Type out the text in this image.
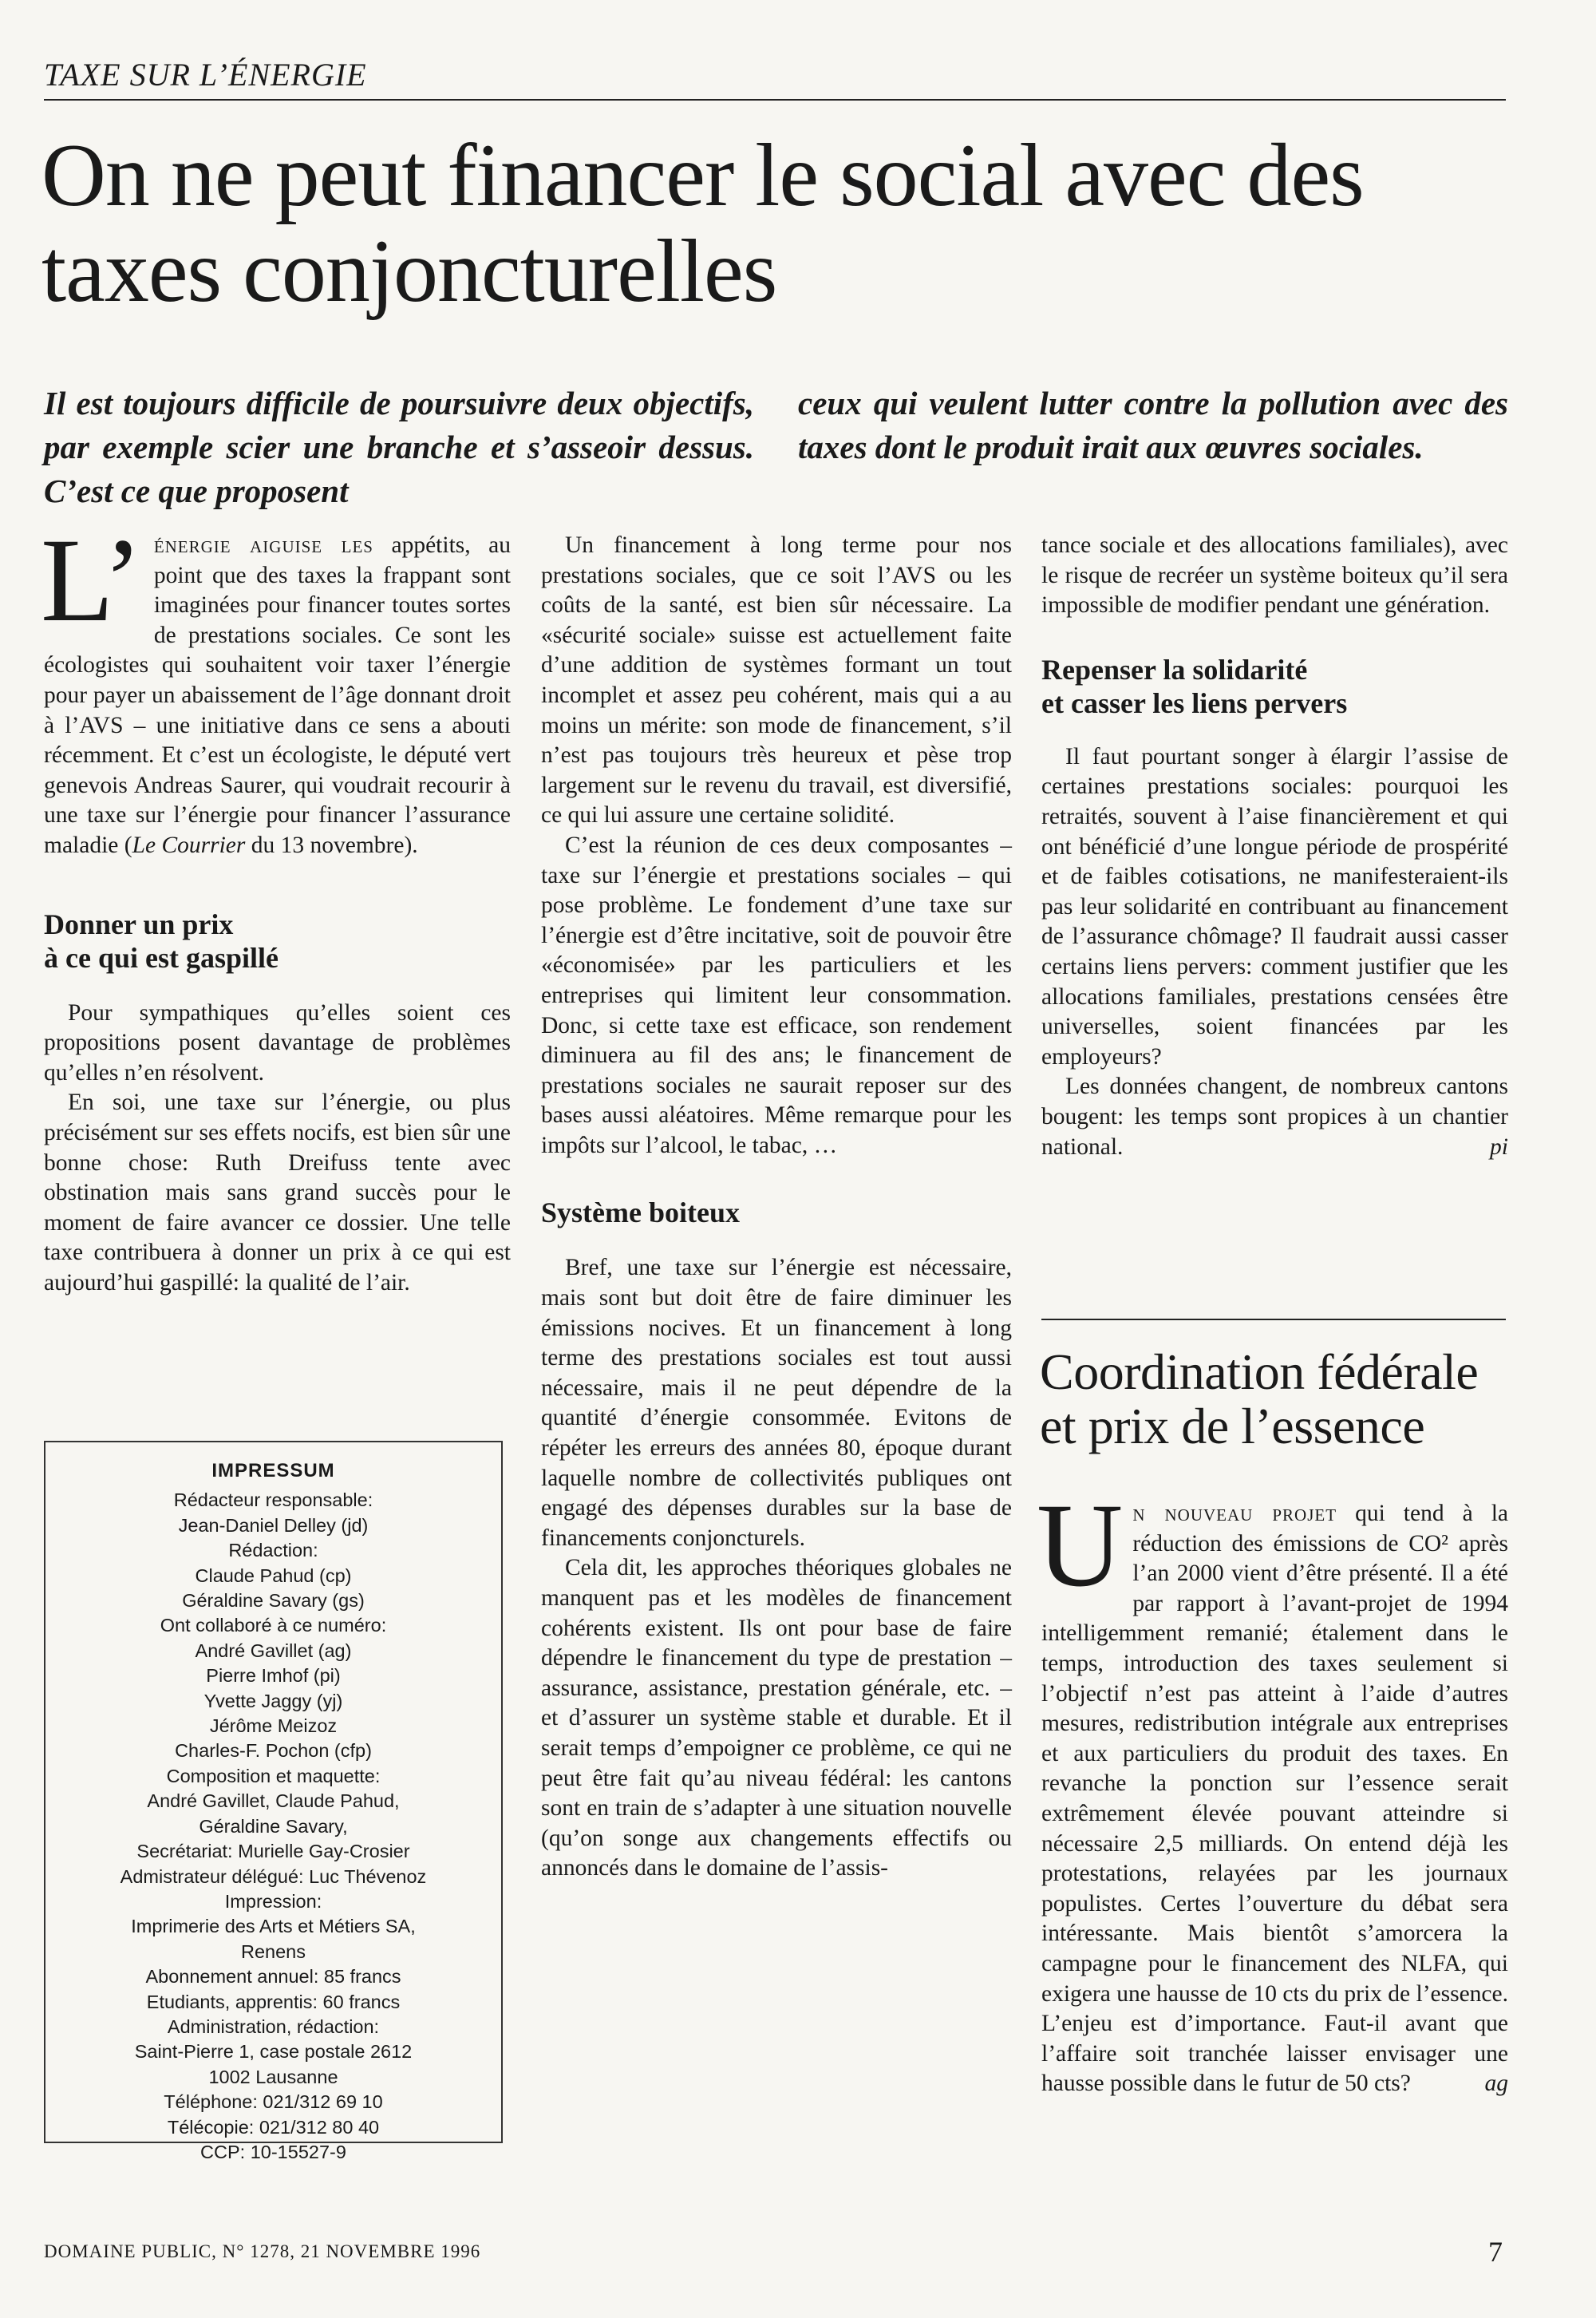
TAXE SUR L’ÉNERGIE
On ne peut financer le social avec des taxes conjoncturelles
Il est toujours difficile de poursuivre deux objectifs, par exemple scier une branche et s’asseoir dessus. C’est ce que proposent
ceux qui veulent lutter contre la pollution avec des taxes dont le produit irait aux œuvres sociales.

L’ énergie aiguise les appétits, au point que des taxes la frappant sont imaginées pour financer toutes sortes de prestations sociales. Ce sont les écologistes qui souhaitent voir taxer l’énergie pour payer un abaissement de l’âge donnant droit à l’AVS – une initiative dans ce sens a abouti récemment. Et c’est un écologiste, le député vert genevois Andreas Saurer, qui voudrait recourir à une taxe sur l’énergie pour financer l’assurance maladie (Le Courrier du 13 novembre).

Donner un prix
à ce qui est gaspillé

Pour sympathiques qu’elles soient ces propositions posent davantage de problèmes qu’elles n’en résolvent.

En soi, une taxe sur l’énergie, ou plus précisément sur ses effets nocifs, est bien sûr une bonne chose: Ruth Dreifuss tente avec obstination mais sans grand succès pour le moment de faire avancer ce dossier. Une telle taxe contribuera à donner un prix à ce qui est aujourd’hui gaspillé: la qualité de l’air.

IMPRESSUM
Rédacteur responsable:
Jean-Daniel Delley (jd)
Rédaction:
Claude Pahud (cp)
Géraldine Savary (gs)
Ont collaboré à ce numéro:
André Gavillet (ag)
Pierre Imhof (pi)
Yvette Jaggy (yj)
Jérôme Meizoz
Charles-F. Pochon (cfp)
Composition et maquette:
André Gavillet, Claude Pahud,
Géraldine Savary,
Secrétariat: Murielle Gay-Crosier
Admistrateur délégué: Luc Thévenoz
Impression:
Imprimerie des Arts et Métiers SA,
Renens
Abonnement annuel: 85 francs
Etudiants, apprentis: 60 francs
Administration, rédaction:
Saint-Pierre 1, case postale 2612
1002 Lausanne
Téléphone: 021/312 69 10
Télécopie: 021/312 80 40
CCP: 10-15527-9

Un financement à long terme pour nos prestations sociales, que ce soit l’AVS ou les coûts de la santé, est bien sûr nécessaire. La «sécurité sociale» suisse est actuellement faite d’une addition de systèmes formant un tout incomplet et assez peu cohérent, mais qui a au moins un mérite: son mode de financement, s’il n’est pas toujours très heureux et pèse trop largement sur le revenu du travail, est diversifié, ce qui lui assure une certaine solidité.

C’est la réunion de ces deux composantes – taxe sur l’énergie et prestations sociales – qui pose problème. Le fondement d’une taxe sur l’énergie est d’être incitative, soit de pouvoir être «économisée» par les particuliers et les entreprises qui limitent leur consommation. Donc, si cette taxe est efficace, son rendement diminuera au fil des ans; le financement de prestations sociales ne saurait reposer sur des bases aussi aléatoires. Même remarque pour les impôts sur l’alcool, le tabac, …

Système boiteux

Bref, une taxe sur l’énergie est nécessaire, mais sont but doit être de faire diminuer les émissions nocives. Et un financement à long terme des prestations sociales est tout aussi nécessaire, mais il ne peut dépendre de la quantité d’énergie consommée. Evitons de répéter les erreurs des années 80, époque durant laquelle nombre de collectivités publiques ont engagé des dépenses durables sur la base de financements conjoncturels.

Cela dit, les approches théoriques globales ne manquent pas et les modèles de financement cohérents existent. Ils ont pour base de faire dépendre le financement du type de prestation – assurance, assistance, prestation générale, etc. – et d’assurer un système stable et durable. Et il serait temps d’empoigner ce problème, ce qui ne peut être fait qu’au niveau fédéral: les cantons sont en train de s’adapter à une situation nouvelle (qu’on songe aux changements effectifs ou annoncés dans le domaine de l’assis-

tance sociale et des allocations familiales), avec le risque de recréer un système boiteux qu’il sera impossible de modifier pendant une génération.

Repenser la solidarité
et casser les liens pervers

Il faut pourtant songer à élargir l’assise de certaines prestations sociales: pourquoi les retraités, souvent à l’aise financièrement et qui ont bénéficié d’une longue période de prospérité et de faibles cotisations, ne manifesteraient-ils pas leur solidarité en contribuant au financement de l’assurance chômage? Il faudrait aussi casser certains liens pervers: comment justifier que les allocations familiales, prestations censées être universelles, soient financées par les employeurs?

Les données changent, de nombreux cantons bougent: les temps sont propices à un chantier national.	pi

Coordination fédérale
et prix de l’essence

Un nouveau projet qui tend à la réduction des émissions de CO² après l’an 2000 vient d’être présenté. Il a été par rapport à l’avant-projet de 1994 intelligemment remanié; étalement dans le temps, introduction des taxes seulement si l’objectif n’est pas atteint à l’aide d’autres mesures, redistribution intégrale aux entreprises et aux particuliers du produit des taxes. En revanche la ponction sur l’essence serait extrêmement élevée pouvant atteindre si nécessaire 2,5 milliards. On entend déjà les protestations, relayées par les journaux populistes. Certes l’ouverture du débat sera intéressante. Mais bientôt s’amorcera la campagne pour le financement des NLFA, qui exigera une hausse de 10 cts du prix de l’essence. L’enjeu est d’importance. Faut-il avant que l’affaire soit tranchée laisser envisager une hausse possible dans le futur de 50 cts?	ag

DOMAINE PUBLIC, N° 1278, 21 NOVEMBRE 1996	7
